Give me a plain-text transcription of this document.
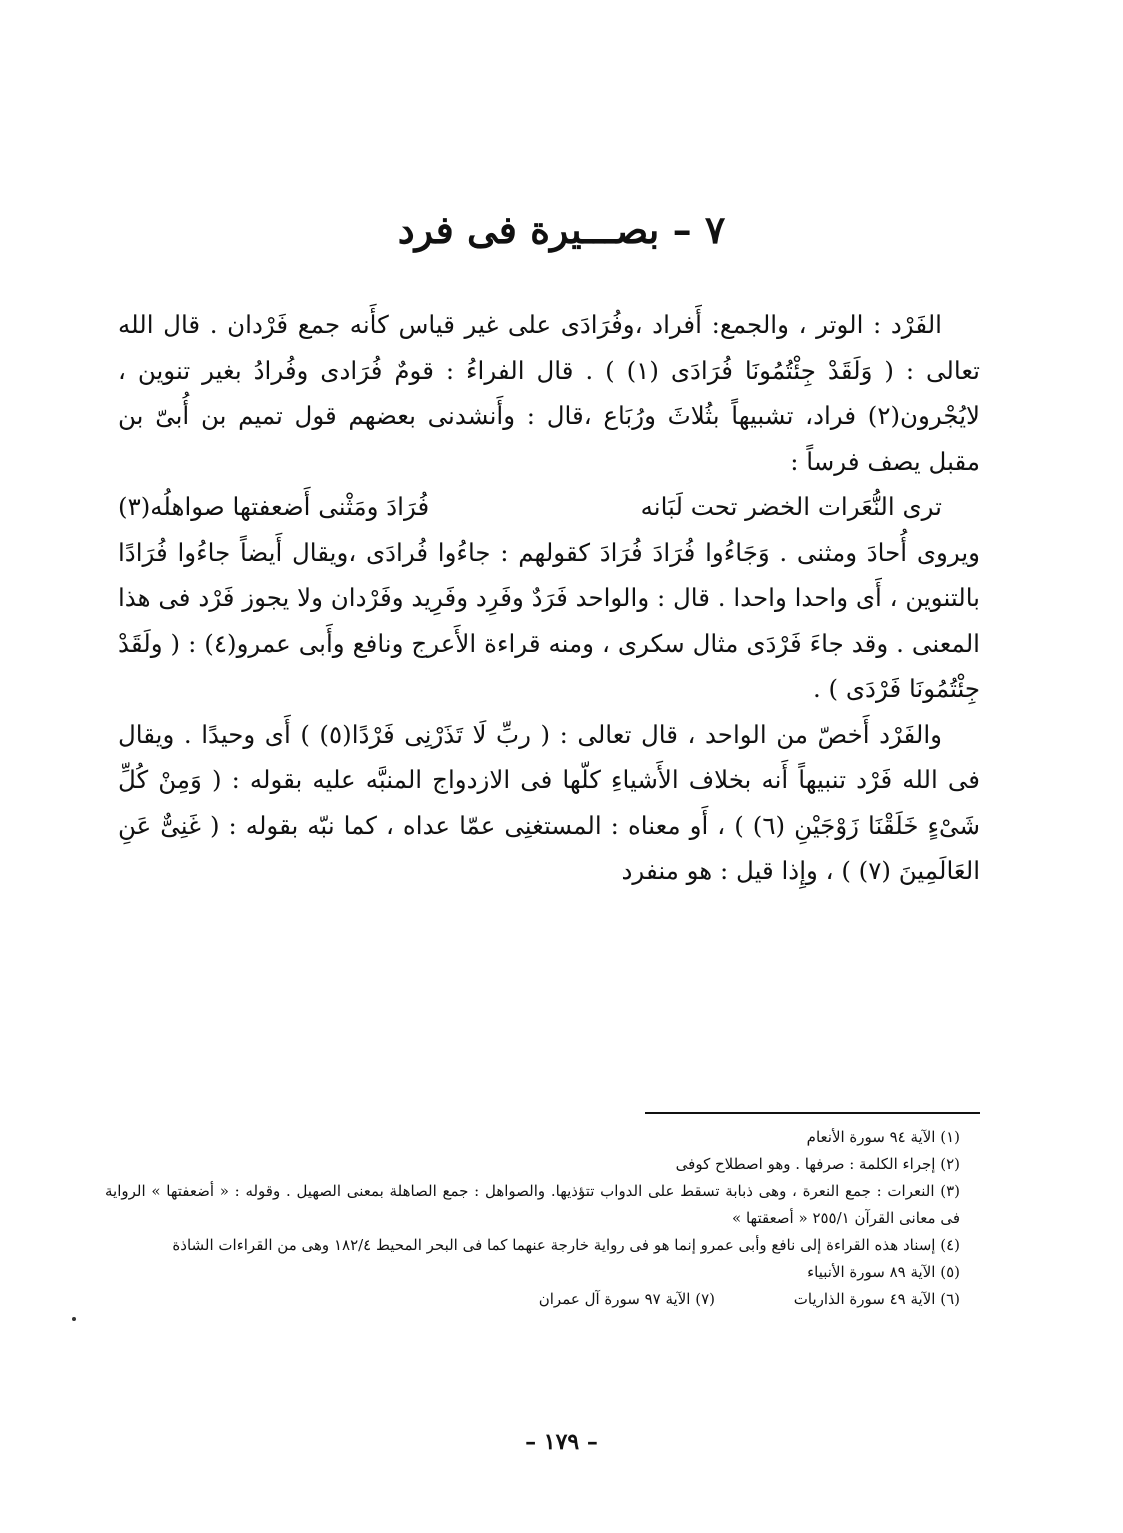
٧ – بصـــيرة فى فرد

الفَرْد : الوتر ، والجمع: أَفراد ،وفُرَادَى على غير قياس كأَنه جمع فَرْدان . قال الله تعالى : ( وَلَقَدْ جِئْتُمُونَا فُرَادَى (١) ) . قال الفراءُ : قومٌ فُرَادى وفُرادُ بغير تنوين ، لايُجْرون(٢) فراد، تشبيهاً بثُلاثَ ورُبَاع ،قال : وأَنشدنى بعضهم قول تميم بن أُبىّ بن مقبل يصف فرساً :

ترى النُّعَرات الخضر تحت لَبَانه
فُرَادَ ومَثْنى أَضعفتها صواهلُه(٣)

ويروى أُحادَ ومثنى . وَجَاءُوا فُرَادَ فُرَادَ كقولهم : جاءُوا فُرادَى ،ويقال أَيضاً جاءُوا فُرَادًا بالتنوين ، أَى واحدا واحدا . قال : والواحد فَرَدٌ وفَرِد وفَرِيد وفَرْدان ولا يجوز فَرْد فى هذا المعنى . وقد جاءَ فَرْدَى مثال سكرى ، ومنه قراءة الأَعرج ونافع وأَبى عمرو(٤) : ( ولَقَدْ جِئْتُمُونَا فَرْدَى ) .

والفَرْد أَخصّ من الواحد ، قال تعالى : ( ربِّ لَا تَذَرْنِى فَرْدًا(٥) ) أَى وحيدًا . ويقال فى الله فَرْد تنبيهاً أَنه بخلاف الأَشياءِ كلّها فى الازدواج المنبَّه عليه بقوله : ( وَمِنْ كُلِّ شَىْءٍ خَلَقْنَا زَوْجَيْنِ (٦) ) ، أَو معناه : المستغنِى عمّا عداه ، كما نبّه بقوله : ( غَنِىٌّ عَنِ العَالَمِينَ (٧) ) ، وإِذا قيل : هو منفرد

(١) الآية ٩٤ سورة الأنعام

(٢) إجراء الكلمة : صرفها . وهو اصطلاح كوفى

(٣) النعرات : جمع النعرة ، وهى ذبابة تسقط على الدواب تتؤذيها. والصواهل : جمع الصاهلة بمعنى الصهيل . وقوله : « أضعفتها » الرواية فى معانى القرآن ٢٥٥/١ « أصعقتها »

(٤) إسناد هذه القراءة إلى نافع وأبى عمرو إنما هو فى رواية خارجة عنهما كما فى البحر المحيط ١٨٢/٤ وهى من القراءات الشاذة

(٥) الآية ٨٩ سورة الأنبياء

(٦) الآية ٤٩ سورة الذاريات
(٧) الآية ٩٧ سورة آل عمران
– ١٧٩ –
